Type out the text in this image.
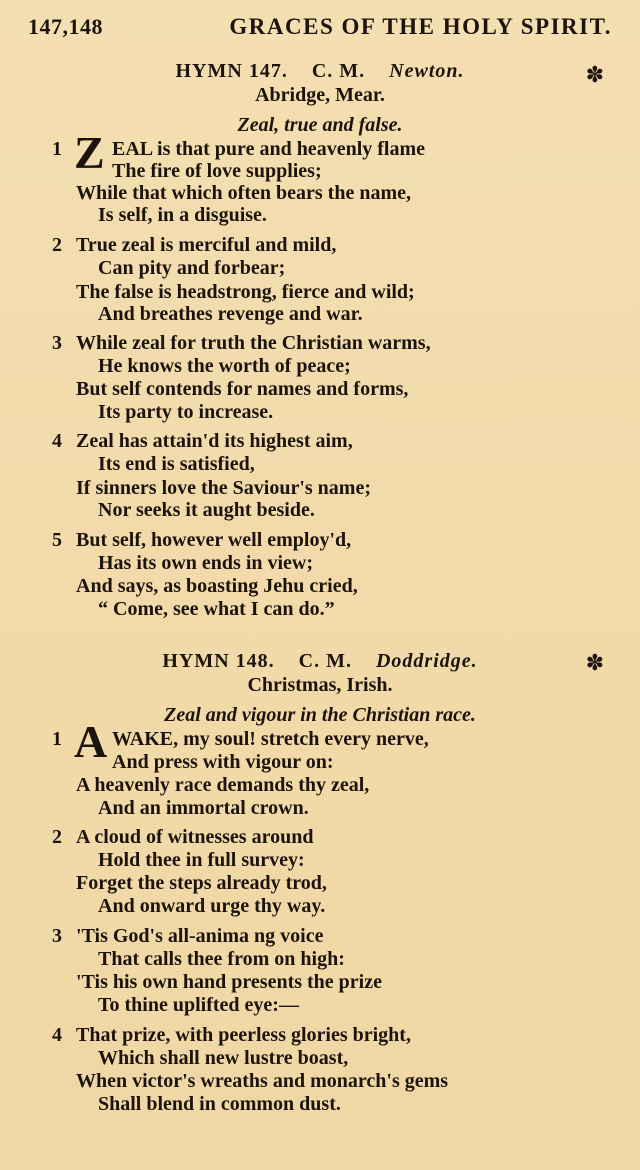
147,148	GRACES OF THE HOLY SPIRIT.
HYMN 147. C. M. Newton.	✽
Abridge, Mear.
Zeal, true and false.
1 Z EAL is that pure and heavenly flame
The fire of love supplies;
While that which often bears the name,
Is self, in a disguise.
2 True zeal is merciful and mild,
Can pity and forbear;
The false is headstrong, fierce and wild;
And breathes revenge and war.
3 While zeal for truth the Christian warms,
He knows the worth of peace;
But self contends for names and forms,
Its party to increase.
4 Zeal has attain'd its highest aim,
Its end is satisfied,
If sinners love the Saviour's name;
Nor seeks it aught beside.
5 But self, however well employ'd,
Has its own ends in view;
And says, as boasting Jehu cried,
“ Come, see what I can do.”
HYMN 148. C. M. Doddridge.	✽
Christmas, Irish.
Zeal and vigour in the Christian race.
1 A WAKE, my soul! stretch every nerve,
And press with vigour on:
A heavenly race demands thy zeal,
And an immortal crown.
2 A cloud of witnesses around
Hold thee in full survey:
Forget the steps already trod,
And onward urge thy way.
3 'Tis God's all-anima ng voice
That calls thee from on high:
'Tis his own hand presents the prize
To thine uplifted eye:—
4 That prize, with peerless glories bright,
Which shall new lustre boast,
When victor's wreaths and monarch's gems
Shall blend in common dust.
